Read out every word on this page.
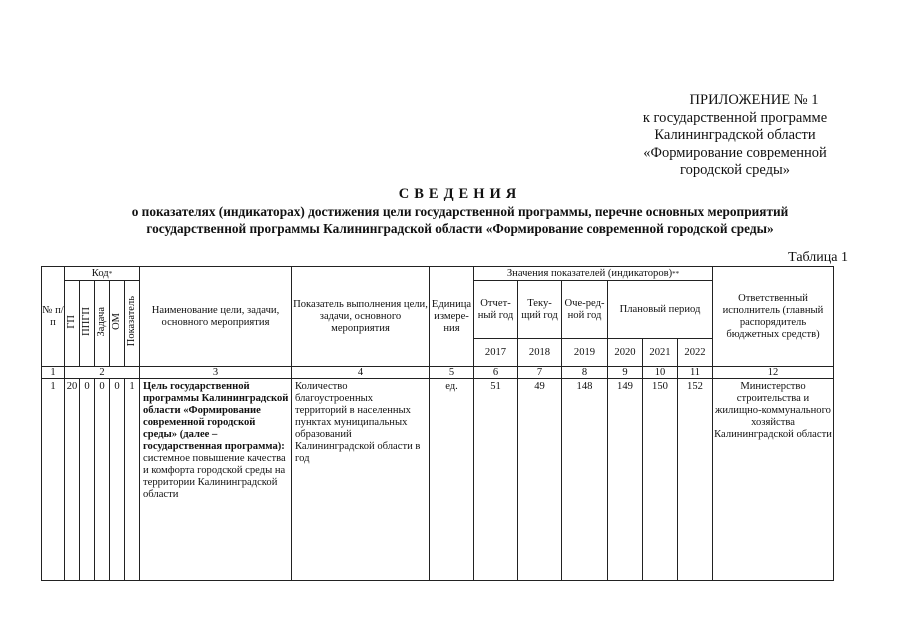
ПРИЛОЖЕНИЕ № 1
к государственной программе
Калининградской области
«Формирование современной
городской среды»
СВЕДЕНИЯ
о показателях (индикаторах) достижения цели государственной программы, перечне основных мероприятий
государственной программы Калининградской области «Формирование современной городской среды»
Таблица 1
№ п/п	Код*					Наименование цели, задачи, основного мероприятия	Показатель выполнения цели, задачи, основного мероприятия	Единица измере-ния	Значения показателей (индикаторов)**						Ответственный исполнитель (главный распорядитель бюджетных средств)
	ГП	ППГП	Задача	ОМ	Показатель				Отчет-ный год	Теку-щий год	Оче-ред-ной год	Плановый период			
									2017	2018	2019	2020	2021	2022	
1	2					3	4	5	6	7	8	9	10	11	12
1	20	0	0	0	1	Цель государственной программы Калининградской области «Формирование современной городской среды» (далее – государственная программа): системное повышение качества и комфорта городской среды на территории Калининградской области	Количество благоустроенных территорий в населенных пунктах муниципальных образований Калининградской области в год	ед.	51	49	148	149	150	152	Министерство строительства и жилищно-коммунального хозяйства Калининградской области
